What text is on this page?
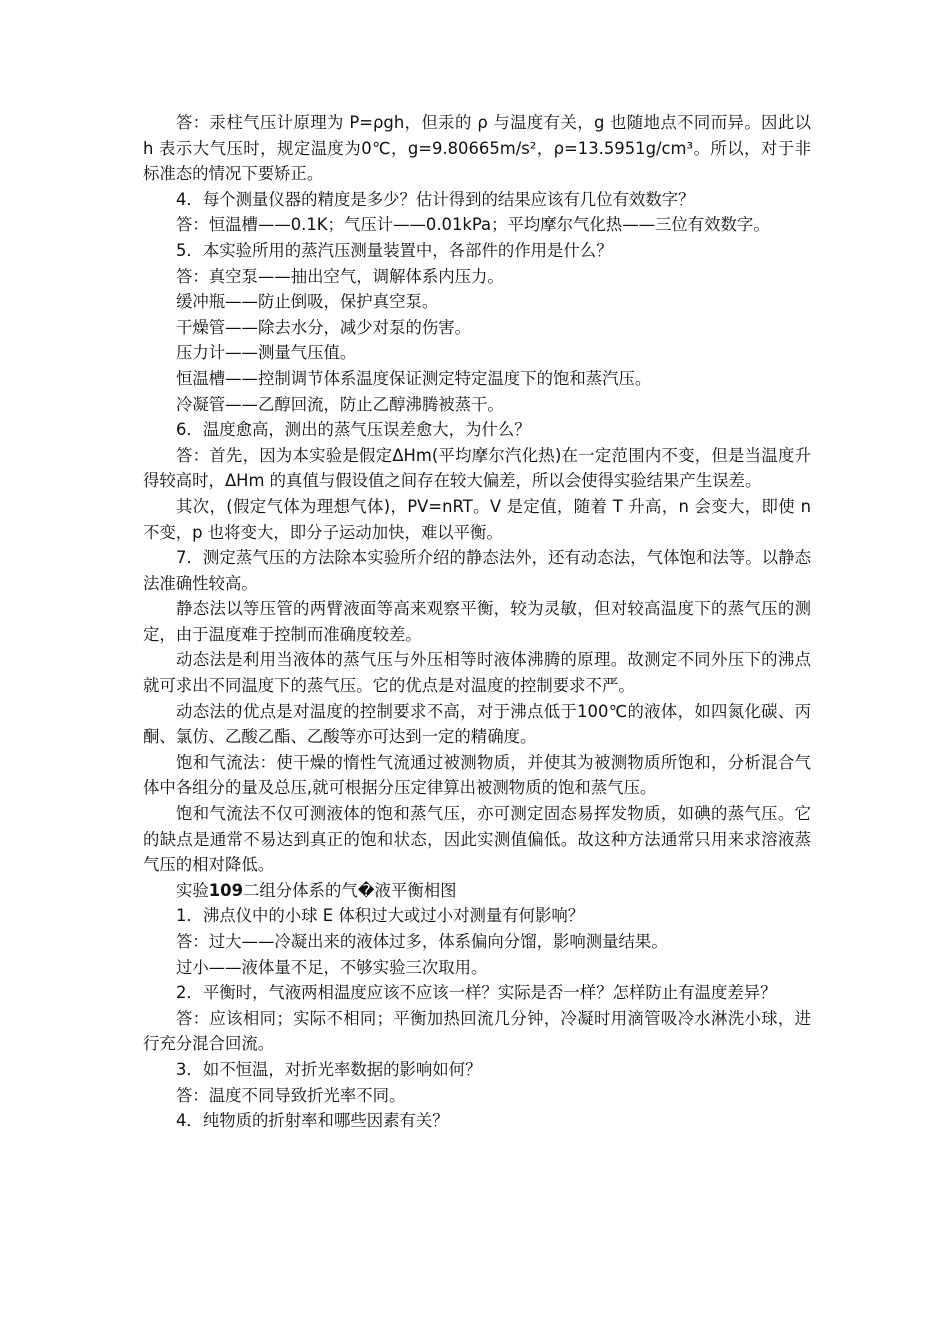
答：汞柱气压计原理为 P=ρgh，但汞的 ρ 与温度有关，g 也随地点不同而异。因此以 h 表示大气压时，规定温度为0℃，g=9.80665m/s²，ρ=13.5951g/cm³。所以，对于非标准态的情况下要矫正。

4．每个测量仪器的精度是多少？估计得到的结果应该有几位有效数字？

答：恒温槽——0.1K；气压计——0.01kPa；平均摩尔气化热——三位有效数字。

5．本实验所用的蒸汽压测量装置中，各部件的作用是什么？

答：真空泵——抽出空气，调解体系内压力。

缓冲瓶——防止倒吸，保护真空泵。

干燥管——除去水分，减少对泵的伤害。

压力计——测量气压值。

恒温槽——控制调节体系温度保证测定特定温度下的饱和蒸汽压。

冷凝管——乙醇回流，防止乙醇沸腾被蒸干。

6．温度愈高，测出的蒸气压误差愈大，为什么？

答：首先，因为本实验是假定ΔHm(平均摩尔汽化热)在一定范围内不变，但是当温度升得较高时，ΔHm 的真值与假设值之间存在较大偏差，所以会使得实验结果产生误差。

其次，(假定气体为理想气体)，PV=nRT。V 是定值，随着 T 升高，n 会变大，即使 n 不变，p 也将变大，即分子运动加快，难以平衡。

7．测定蒸气压的方法除本实验所介绍的静态法外，还有动态法，气体饱和法等。以静态法准确性较高。

静态法以等压管的两臂液面等高来观察平衡，较为灵敏，但对较高温度下的蒸气压的测定，由于温度难于控制而准确度较差。

动态法是利用当液体的蒸气压与外压相等时液体沸腾的原理。故测定不同外压下的沸点就可求出不同温度下的蒸气压。它的优点是对温度的控制要求不严。

动态法的优点是对温度的控制要求不高，对于沸点低于100℃的液体，如四氮化碳、丙酮、氯仿、乙酸乙酯、乙酸等亦可达到一定的精确度。

饱和气流法：使干燥的惰性气流通过被测物质，并使其为被测物质所饱和，分析混合气体中各组分的量及总压,就可根据分压定律算出被测物质的饱和蒸气压。

饱和气流法不仅可测液体的饱和蒸气压，亦可测定固态易挥发物质，如碘的蒸气压。它的缺点是通常不易达到真正的饱和状态，因此实测值偏低。故这种方法通常只用来求溶液蒸气压的相对降低。

实验109二组分体系的气�液平衡相图

1．沸点仪中的小球 E 体积过大或过小对测量有何影响？

答：过大——冷凝出来的液体过多，体系偏向分馏，影响测量结果。

过小——液体量不足，不够实验三次取用。

2．平衡时，气液两相温度应该不应该一样？实际是否一样？怎样防止有温度差异？

答：应该相同；实际不相同；平衡加热回流几分钟，冷凝时用滴管吸冷水淋洗小球，进行充分混合回流。

3．如不恒温，对折光率数据的影响如何？

答：温度不同导致折光率不同。

4．纯物质的折射率和哪些因素有关？
